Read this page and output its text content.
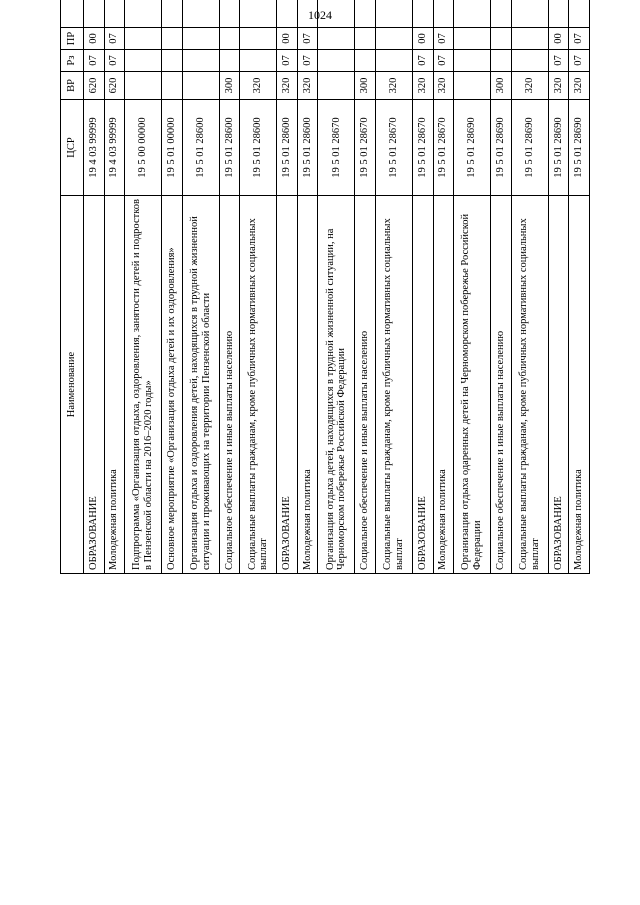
1024
Наименование	ЦСР	ВР	Рз	ПР			
ОБРАЗОВАНИЕ	19 4 03 99999	620	07	00			
Молодежная политика	19 4 03 99999	620	07	07			
Подпрограмма «Организация отдыха, оздоровления, занятости детей и подростков в Пензенской области на 2016–2020 годы»	19 5 00 00000						
Основное мероприятие «Организация отдыха детей и их оздоровления»	19 5 01 00000						
Организация отдыха и оздоровления детей, находящихся в трудной жизненной ситуации и проживающих на территории Пензенской области	19 5 01 28600						
Социальное обеспечение и иные выплаты населению	19 5 01 28600	300					
Социальные выплаты гражданам, кроме публичных нормативных социальных выплат	19 5 01 28600	320					
ОБРАЗОВАНИЕ	19 5 01 28600	320	07	00			
Молодежная политика	19 5 01 28600	320	07	07			
Организация отдыха детей, находящихся в трудной жизненной ситуации, на Черноморском побережье Российской Федерации	19 5 01 28670						
Социальное обеспечение и иные выплаты населению	19 5 01 28670	300					
Социальные выплаты гражданам, кроме публичных нормативных социальных выплат	19 5 01 28670	320					
ОБРАЗОВАНИЕ	19 5 01 28670	320	07	00			
Молодежная политика	19 5 01 28670	320	07	07			
Организация отдыха одаренных детей на Черноморском побережье Российской Федерации	19 5 01 28690						
Социальное обеспечение и иные выплаты населению	19 5 01 28690	300					
Социальные выплаты гражданам, кроме публичных нормативных социальных выплат	19 5 01 28690	320					
ОБРАЗОВАНИЕ	19 5 01 28690	320	07	00			
Молодежная политика	19 5 01 28690	320	07	07			
